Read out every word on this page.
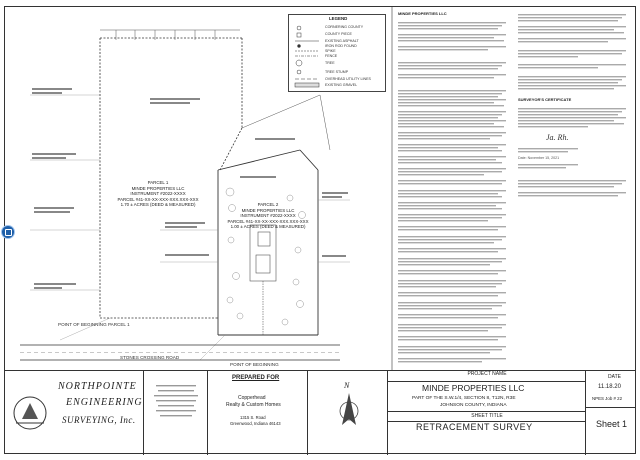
PARCEL 1
MINDE PROPERTIES LLC
INSTRUMENT #2022-XXXX
PARCEL #41-XX-XX-XXX-XXX.XXX-XXX
1.70 ± ACRES (DEED & MEASURED)	PARCEL 2
MINDE PROPERTIES LLC
INSTRUMENT #2022-XXXX
PARCEL #41-XX-XX-XXX-XXX.XXX-XXX
1.00 ± ACRES (DEED & MEASURED)
POINT OF BEGINNING PARCEL 1
POINT OF BEGINNING
STONES CROSSING ROAD
LEGEND
CORNERING COUNTY
COUNTY PIECE
EXISTING ASPHALT
IRON ROD FOUND
SPIKE
FENCE
TREE
TREE STUMP
OVERHEAD UTILITY LINES
EXISTING GRAVEL
MINDE PROPERTIES LLC
SURVEYOR'S CERTIFICATE
Ja. Rh.
Date: November 15, 2021
NORTHPOINTE
ENGINEERING
SURVEYING, Inc.
PREPARED FOR
Copperhead
Realty & Custom Homes
1315 S. Road
Greenwood, Indiana 46143
N
PROJECT NAME
MINDE PROPERTIES LLC
PART OF THE S.W.1/4, SECTION 8, T12N, R3E
JOHNSON COUNTY, INDIANA
SHEET TITLE
RETRACEMENT SURVEY
DATE
11.18.20
NPES Job # 22
Sheet 1
